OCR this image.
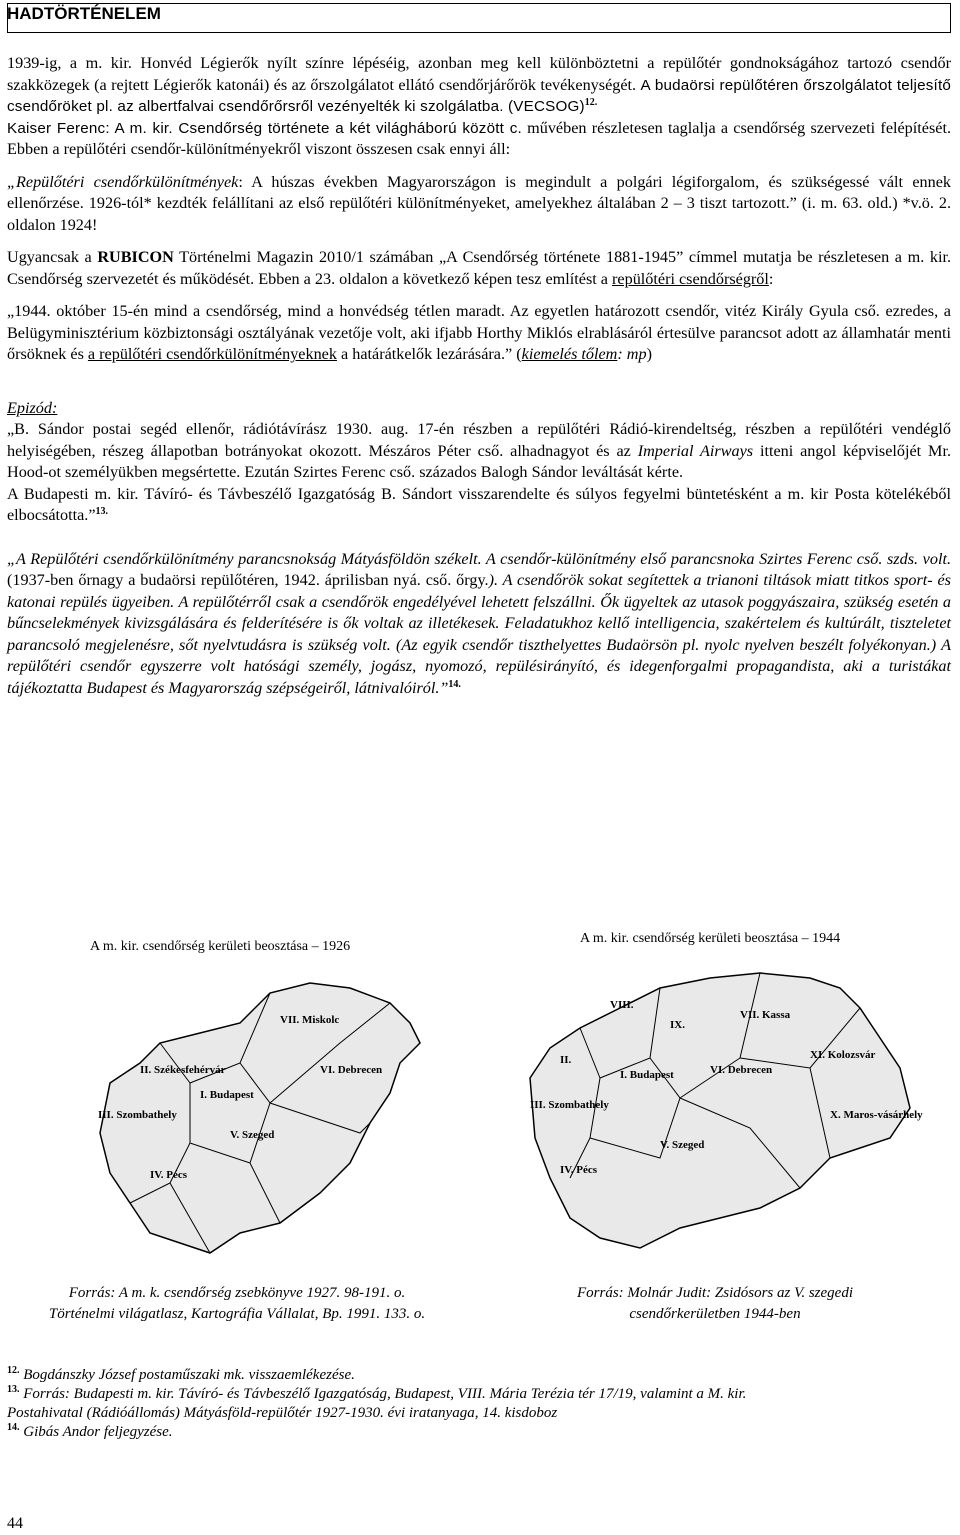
HADTÖRTÉNELEM

1939-ig, a m. kir. Honvéd Légierők nyílt színre lépéséig, azonban meg kell különböztetni a repülőtér gondnokságához tartozó csendőr szakközegek (a rejtett Légierők katonái) és az őrszolgálatot ellátó csendőrjárőrök tevékenységét. A budaörsi repülőtéren őrszolgálatot teljesítő csendőröket pl. az albertfalvai csendőrőrsről vezényelték ki szolgálatba. (VECSOG)$^{12.}$
Kaiser Ferenc: A m. kir. Csendőrség története a két világháború között c. művében részletesen taglalja a csendőrség szervezeti felépítését. Ebben a repülőtéri csendőr-különítményekről viszont összesen csak ennyi áll:

„Repülőtéri csendőrkülönítmények: A húszas években Magyarországon is megindult a polgári légiforgalom, és szükségessé vált ennek ellenőrzése. 1926-tól* kezdték felállítani az első repülőtéri különítményeket, amelyekhez általában 2 – 3 tiszt tartozott.” (i. m. 63. old.) *v.ö. 2. oldalon 1924!

Ugyancsak a RUBICON Történelmi Magazin 2010/1 számában „A Csendőrség története 1881-1945” címmel mutatja be részletesen a m. kir. Csendőrség szervezetét és működését. Ebben a 23. oldalon a következő képen tesz említést a repülőtéri csendőrségről:

„1944. október 15-én mind a csendőrség, mind a honvédség tétlen maradt. Az egyetlen határozott csendőr, vitéz Király Gyula cső. ezredes, a Belügyminisztérium közbiztonsági osztályának vezetője volt, aki ifjabb Horthy Miklós elrablásáról értesülve parancsot adott az államhatár menti őrsöknek és a repülőtéri csendőrkülönítményeknek a határátkelők lezárására.” (kiemelés tőlem: mp)

Epizód:

„B. Sándor postai segéd ellenőr, rádiótávírász 1930. aug. 17-én részben a repülőtéri Rádió-kirendeltség, részben a repülőtéri vendéglő helyiségében, részeg állapotban botrányokat okozott. Mészáros Péter cső. alhadnagyot és az Imperial Airways itteni angol képviselőjét Mr. Hood-ot személyükben megsértette. Ezután Szirtes Ferenc cső. százados Balogh Sándor leváltását kérte.

A Budapesti m. kir. Távíró- és Távbeszélő Igazgatóság B. Sándort visszarendelte és súlyos fegyelmi büntetésként a m. kir Posta kötelékéből elbocsátotta.”$^{13.}$

„A Repülőtéri csendőrkülönítmény parancsnokság Mátyásföldön székelt. A csendőr-különítmény első parancsnoka Szirtes Ferenc cső. szds. volt. (1937-ben őrnagy a budaörsi repülőtéren, 1942. áprilisban nyá. cső. őrgy.). A csendőrök sokat segítettek a trianoni tiltások miatt titkos sport- és katonai repülés ügyeiben. A repülőtérről csak a csendőrök engedélyével lehetett felszállni. Ők ügyeltek az utasok poggyászaira, szükség esetén a bűncselekmények kivizsgálására és felderítésére is ők voltak az illetékesek. Feladatukhoz kellő intelligencia, szakértelem és kultúrált, tiszteletet parancsoló megjelenésre, sőt nyelvtudásra is szükség volt. (Az egyik csendőr tiszthelyettes Budaörsön pl. nyolc nyelven beszélt folyékonyan.) A repülőtéri csendőr egyszerre volt hatósági személy, jogász, nyomozó, repülésirányító, és idegenforgalmi propagandista, aki a turistákat tájékoztatta Budapest és Magyarország szépségeiről, látnivalóiról.”$^{14.}$

A m. kir. csendőrség kerületi beosztása – 1926
A m. kir. csendőrség kerületi beosztása – 1944
VII. Miskolc
VI. Debrecen
II. Székesfehérvár
I. Budapest
III. Szombathely
V. Szeged
IV. Pécs
VII. Kassa
VIII.
IX.
II.
I. Budapest
III. Szombathely
VI. Debrecen
XI. Kolozsvár
X. Maros-vásárhely
IV. Pécs
V. Szeged
Forrás: A m. k. csendőrség zsebkönyve 1927. 98-191. o.
Történelmi világatlasz, Kartográfia Vállalat, Bp. 1991. 133. o.
Forrás: Molnár Judit: Zsidósors az V. szegedi
csendőrkerületben 1944-ben
$^{12.}$ Bogdánszky József postaműszaki mk. visszaemlékezése.
$^{13.}$ Forrás: Budapesti m. kir. Távíró- és Távbeszélő Igazgatóság, Budapest, VIII. Mária Terézia tér 17/19, valamint a M. kir.
Postahivatal (Rádióállomás) Mátyásföld-repülőtér 1927-1930. évi iratanyaga, 14. kisdoboz
$^{14.}$ Gibás Andor feljegyzése.
44
